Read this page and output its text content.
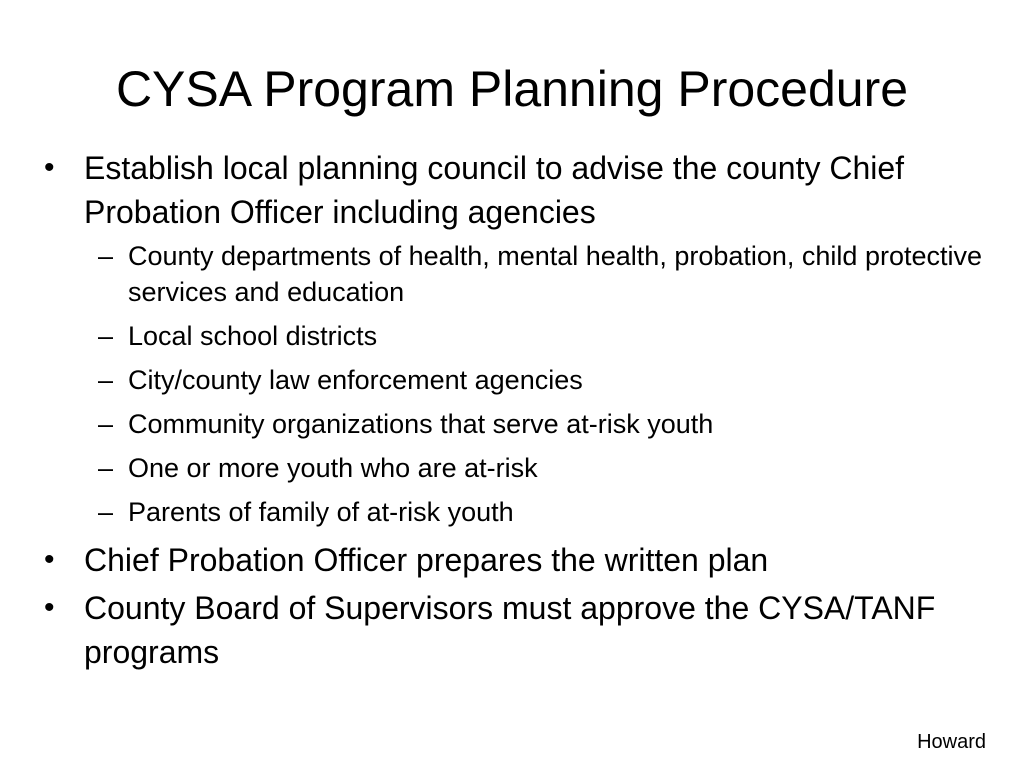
CYSA Program Planning Procedure
• Establish local planning council to advise the county Chief Probation Officer including agencies
– County departments of health, mental health, probation, child protective services and education
– Local school districts
– City/county law enforcement agencies
– Community organizations that serve at-risk youth
– One or more youth who are at-risk
– Parents of family of at-risk youth
• Chief Probation Officer prepares the written plan
• County Board of Supervisors must approve the CYSA/TANF programs
Howard
